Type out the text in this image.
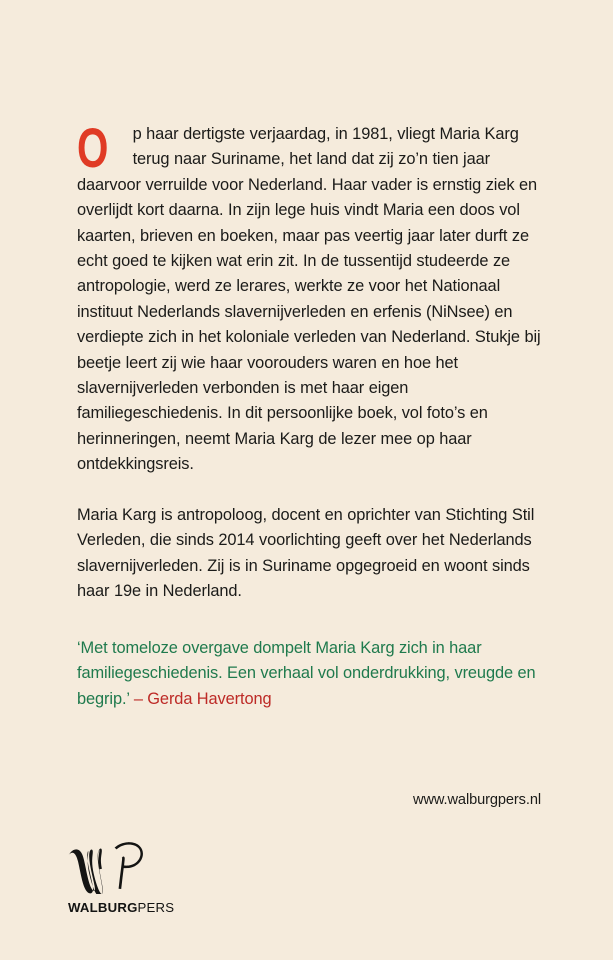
O p haar dertigste verjaardag, in 1981, vliegt Maria Karg terug naar Suriname, het land dat zij zo’n tien jaar daarvoor verruilde voor Nederland. Haar vader is ernstig ziek en overlijdt kort daarna. In zijn lege huis vindt Maria een doos vol kaarten, brieven en boeken, maar pas veertig jaar later durft ze echt goed te kijken wat erin zit. In de tussentijd studeerde ze antropologie, werd ze lerares, werkte ze voor het Nationaal instituut Nederlands slavernijverleden en erfenis (NiNsee) en verdiepte zich in het koloniale verleden van Nederland. Stukje bij beetje leert zij wie haar voorouders waren en hoe het slavernijverleden verbonden is met haar eigen familiegeschiedenis. In dit persoonlijke boek, vol foto’s en herinneringen, neemt Maria Karg de lezer mee op haar ontdekkingsreis.

Maria Karg is antropoloog, docent en oprichter van Stichting Stil Verleden, die sinds 2014 voorlichting geeft over het Nederlands slavernijverleden. Zij is in Suriname opgegroeid en woont sinds haar 19e in Nederland.

‘Met tomeloze overgave dompelt Maria Karg zich in haar familiegeschiedenis. Een verhaal vol onderdrukking, vreugde en begrip.’ – Gerda Havertong

www.walburgpers.nl
WALBURGPERS
